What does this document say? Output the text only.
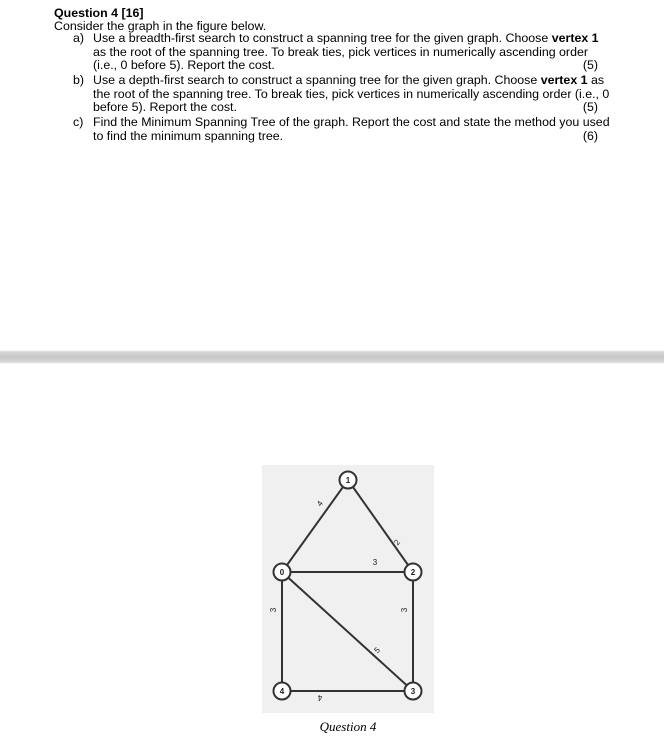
Question 4 [16]
Consider the graph in the figure below.
a) Use a breadth-first search to construct a spanning tree for the given graph. Choose vertex 1
as the root of the spanning tree. To break ties, pick vertices in numerically ascending order
(i.e., 0 before 5). Report the cost.	(5)
b) Use a depth-first search to construct a spanning tree for the given graph. Choose vertex 1 as
the root of the spanning tree. To break ties, pick vertices in numerically ascending order (i.e., 0
before 5). Report the cost.	(5)
c) Find the Minimum Spanning Tree of the graph. Report the cost and state the method you used
to find the minimum spanning tree.	(6)
4
2
3
3	3
5
4
1
0	2
4	3
Question 4
